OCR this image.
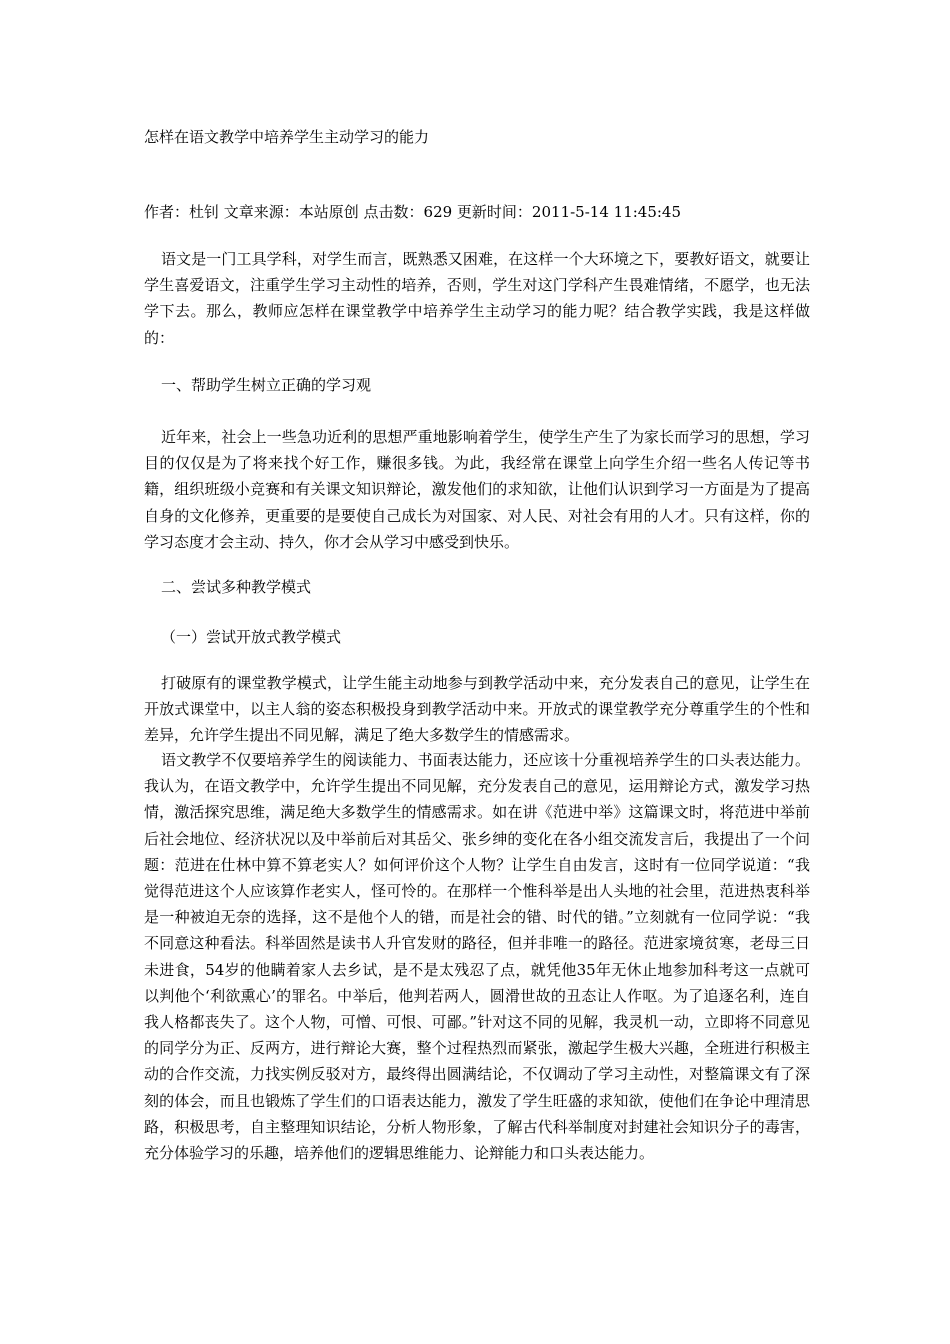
怎样在语文教学中培养学生主动学习的能力
作者：杜钊 文章来源：本站原创 点击数：629 更新时间：2011-5-14 11:45:45
语文是一门工具学科，对学生而言，既熟悉又困难，在这样一个大环境之下，要教好语文，就要让学生喜爱语文，注重学生学习主动性的培养，否则，学生对这门学科产生畏难情绪，不愿学，也无法学下去。那么，教师应怎样在课堂教学中培养学生主动学习的能力呢？结合教学实践，我是这样做的：
一、帮助学生树立正确的学习观
近年来，社会上一些急功近利的思想严重地影响着学生，使学生产生了为家长而学习的思想，学习目的仅仅是为了将来找个好工作，赚很多钱。为此，我经常在课堂上向学生介绍一些名人传记等书籍，组织班级小竞赛和有关课文知识辩论，激发他们的求知欲，让他们认识到学习一方面是为了提高自身的文化修养，更重要的是要使自己成长为对国家、对人民、对社会有用的人才。只有这样，你的学习态度才会主动、持久，你才会从学习中感受到快乐。
二、尝试多种教学模式
（一）尝试开放式教学模式
打破原有的课堂教学模式，让学生能主动地参与到教学活动中来，充分发表自己的意见，让学生在开放式课堂中，以主人翁的姿态积极投身到教学活动中来。开放式的课堂教学充分尊重学生的个性和差异，允许学生提出不同见解，满足了绝大多数学生的情感需求。
语文教学不仅要培养学生的阅读能力、书面表达能力，还应该十分重视培养学生的口头表达能力。我认为，在语文教学中，允许学生提出不同见解，充分发表自己的意见，运用辩论方式，激发学习热情，激活探究思维，满足绝大多数学生的情感需求。如在讲《范进中举》这篇课文时，将范进中举前后社会地位、经济状况以及中举前后对其岳父、张乡绅的变化在各小组交流发言后，我提出了一个问题：范进在仕林中算不算老实人？如何评价这个人物？让学生自由发言，这时有一位同学说道：“我觉得范进这个人应该算作老实人，怪可怜的。在那样一个惟科举是出人头地的社会里，范进热衷科举是一种被迫无奈的选择，这不是他个人的错，而是社会的错、时代的错。”立刻就有一位同学说：“我不同意这种看法。科举固然是读书人升官发财的路径，但并非唯一的路径。范进家境贫寒，老母三日未进食，54岁的他瞒着家人去乡试，是不是太残忍了点，就凭他35年无休止地参加科考这一点就可以判他个‘利欲熏心’的罪名。中举后，他判若两人，圆滑世故的丑态让人作呕。为了追逐名利，连自我人格都丧失了。这个人物，可憎、可恨、可鄙。”针对这不同的见解，我灵机一动，立即将不同意见的同学分为正、反两方，进行辩论大赛，整个过程热烈而紧张，激起学生极大兴趣，全班进行积极主动的合作交流，力找实例反驳对方，最终得出圆满结论，不仅调动了学习主动性，对整篇课文有了深刻的体会，而且也锻炼了学生们的口语表达能力，激发了学生旺盛的求知欲，使他们在争论中理清思路，积极思考，自主整理知识结论，分析人物形象，了解古代科举制度对封建社会知识分子的毒害，充分体验学习的乐趣，培养他们的逻辑思维能力、论辩能力和口头表达能力。
